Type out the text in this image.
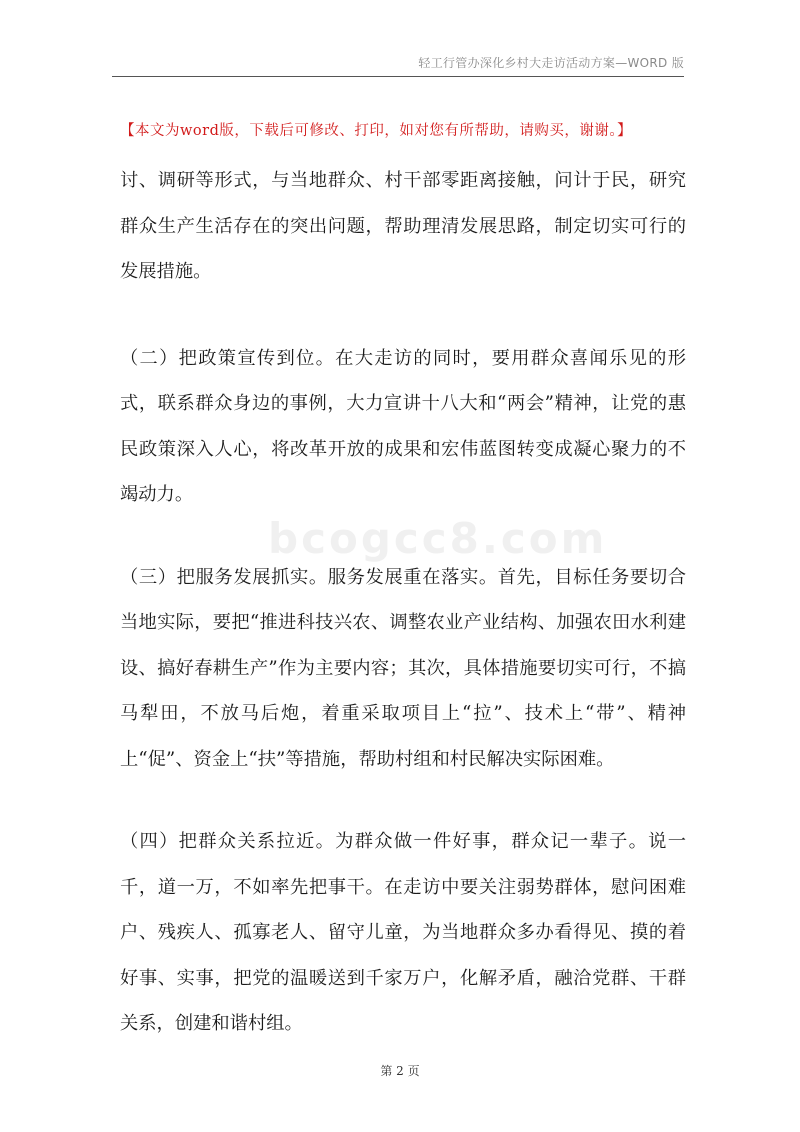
轻工行管办深化乡村大走访活动方案—WORD 版
【本文为word版，下载后可修改、打印，如对您有所帮助，请购买，谢谢。】
bcogcc8.com

讨、调研等形式，与当地群众、村干部零距离接触，问计于民，研究群众生产生活存在的突出问题，帮助理清发展思路，制定切实可行的发展措施。

（二）把政策宣传到位。在大走访的同时，要用群众喜闻乐见的形式，联系群众身边的事例，大力宣讲十八大和“两会”精神，让党的惠民政策深入人心，将改革开放的成果和宏伟蓝图转变成凝心聚力的不竭动力。

（三）把服务发展抓实。服务发展重在落实。首先，目标任务要切合当地实际，要把“推进科技兴农、调整农业产业结构、加强农田水利建设、搞好春耕生产”作为主要内容；其次，具体措施要切实可行，不搞马犁田，不放马后炮，着重采取项目上“拉”、技术上“带”、精神上“促”、资金上“扶”等措施，帮助村组和村民解决实际困难。

（四）把群众关系拉近。为群众做一件好事，群众记一辈子。说一千，道一万，不如率先把事干。在走访中要关注弱势群体，慰问困难户、残疾人、孤寡老人、留守儿童，为当地群众多办看得见、摸的着好事、实事，把党的温暖送到千家万户，化解矛盾，融洽党群、干群关系，创建和谐村组。

第 2 页
